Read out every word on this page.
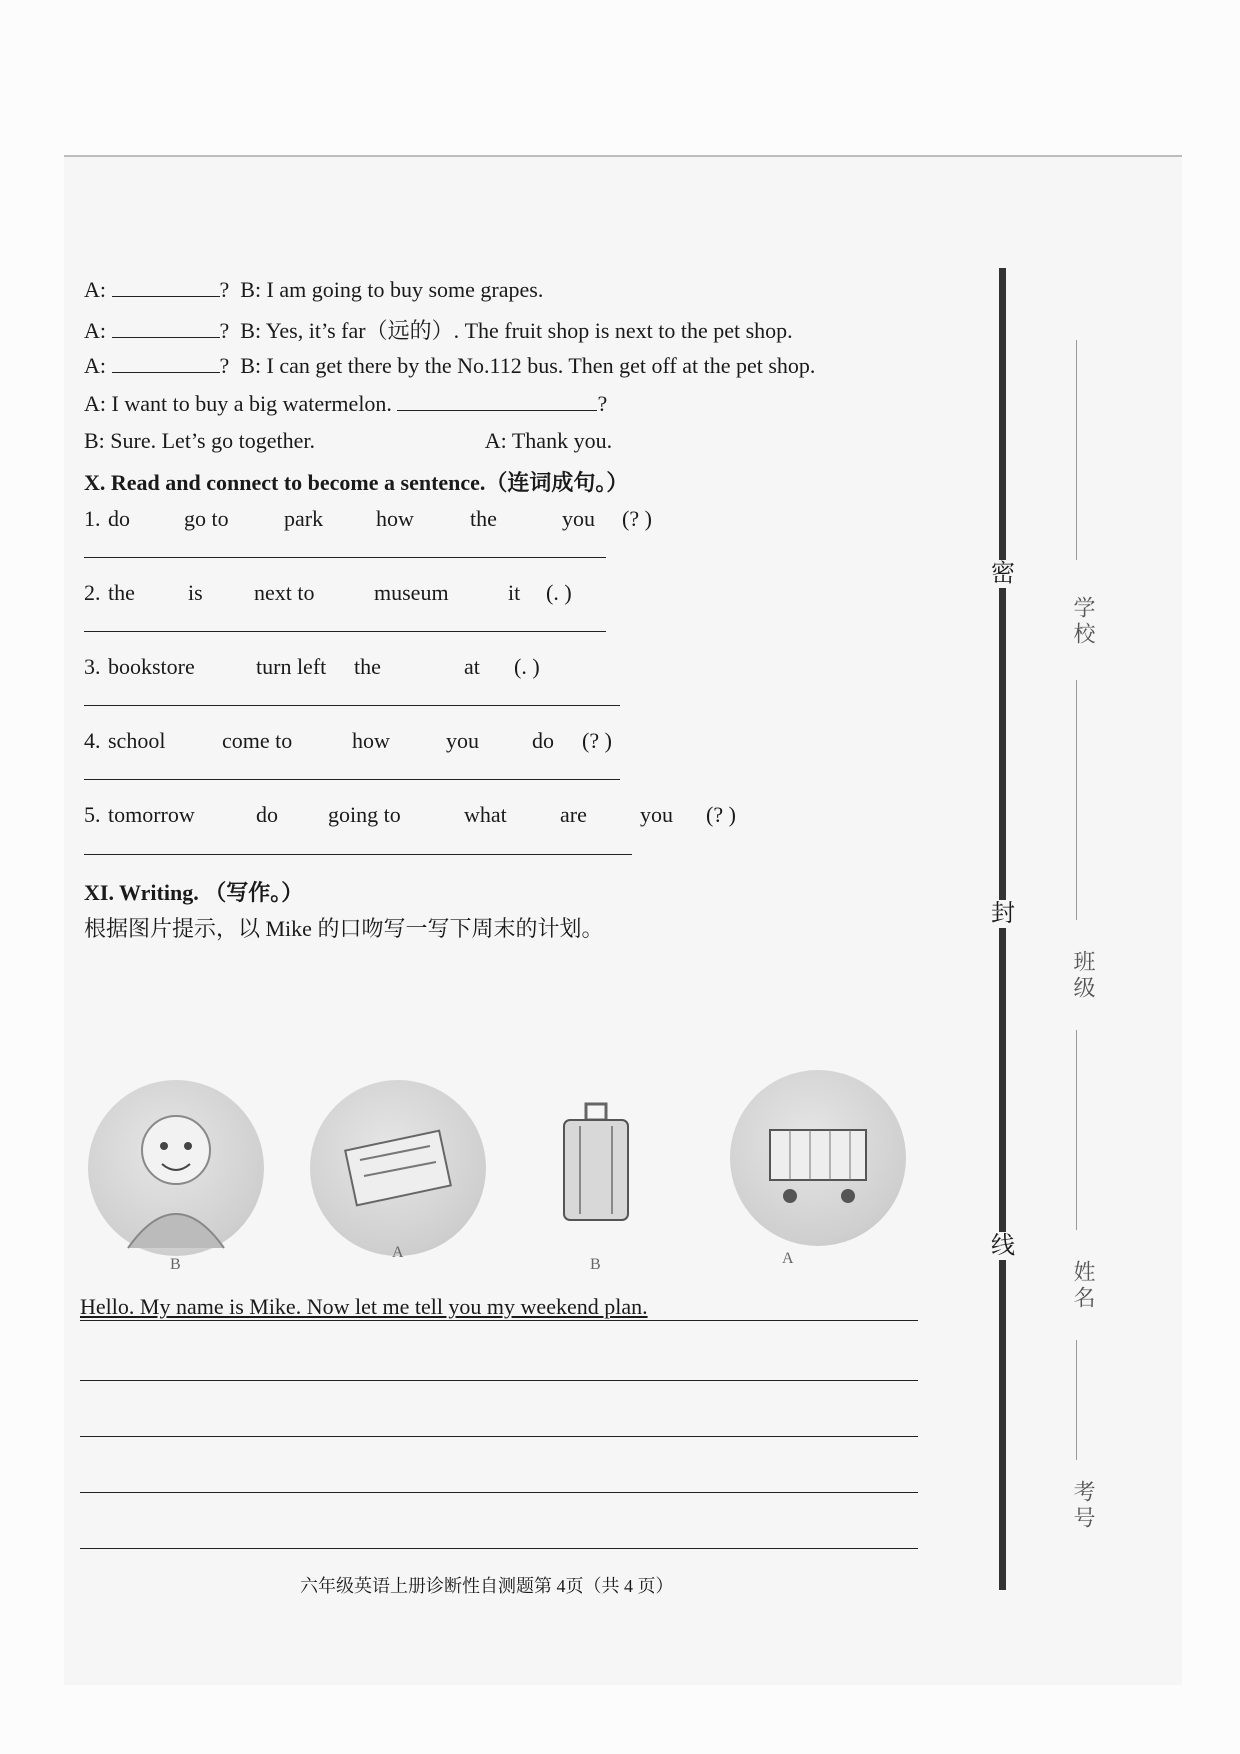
A:	? B: I am going to buy some grapes.
A:	? B: Yes, it’s far（远的）. The fruit shop is next to the pet shop.
A:	? B: I can get there by the No.112 bus. Then get off at the pet shop.
A: I want to buy a big watermelon.	?
B: Sure. Let’s go together.	A: Thank you.
X. Read and connect to become a sentence.（连词成句。）
1. do go to	park how	the	you (? )
2. the is next to	museum	it (. )
3. bookstore	turn left the	at (. )
4. school	come to	how	you do (? )
5. tomorrow	do going to	what are you (? )
XI. Writing. （写作。）
根据图片提示，以 Mike 的口吻写一写下周末的计划。
B
A
B	A
Hello. My name is Mike. Now let me tell you my weekend plan.
六年级英语上册诊断性自测题第 4页（共 4 页）
密
封
线
学校
班级
姓名
考号
